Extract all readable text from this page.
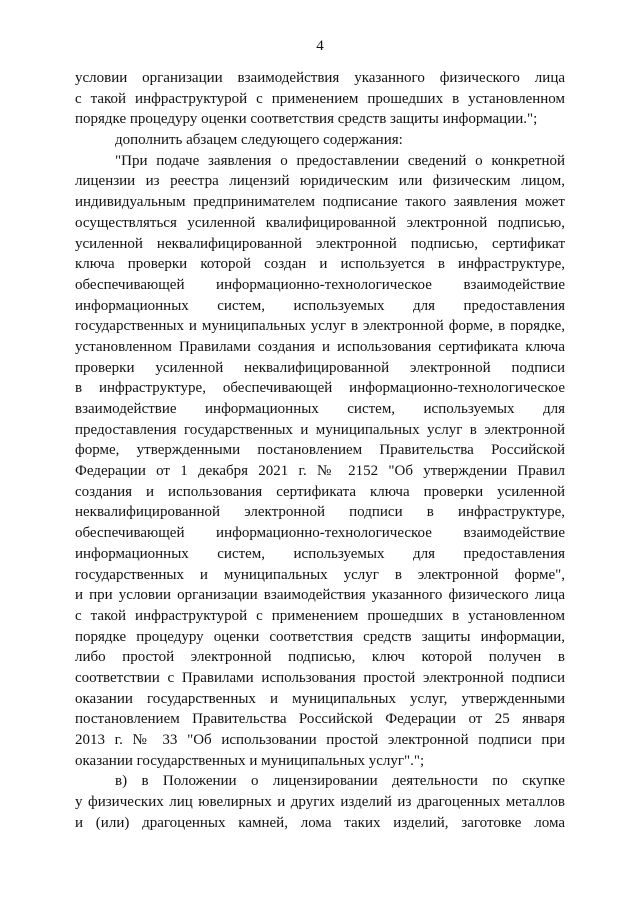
4
условии организации взаимодействия указанного физического лица
с такой инфраструктурой с применением прошедших в установленном
порядке процедуру оценки соответствия средств защиты информации.";
дополнить абзацем следующего содержания:
"При подаче заявления о предоставлении сведений о конкретной
лицензии из реестра лицензий юридическим или физическим лицом,
индивидуальным предпринимателем подписание такого заявления может
осуществляться усиленной квалифицированной электронной подписью,
усиленной неквалифицированной электронной подписью, сертификат
ключа проверки которой создан и используется в инфраструктуре,
обеспечивающей информационно-технологическое взаимодействие
информационных систем, используемых для предоставления
государственных и муниципальных услуг в электронной форме, в порядке,
установленном Правилами создания и использования сертификата ключа
проверки усиленной неквалифицированной электронной подписи
в инфраструктуре, обеспечивающей информационно-технологическое
взаимодействие информационных систем, используемых для
предоставления государственных и муниципальных услуг в электронной
форме, утвержденными постановлением Правительства Российской
Федерации от 1 декабря 2021 г. № 2152 "Об утверждении Правил
создания и использования сертификата ключа проверки усиленной
неквалифицированной электронной подписи в инфраструктуре,
обеспечивающей информационно-технологическое взаимодействие
информационных систем, используемых для предоставления
государственных и муниципальных услуг в электронной форме",
и при условии организации взаимодействия указанного физического лица
с такой инфраструктурой с применением прошедших в установленном
порядке процедуру оценки соответствия средств защиты информации,
либо простой электронной подписью, ключ которой получен в
соответствии с Правилами использования простой электронной подписи
оказании государственных и муниципальных услуг, утвержденными
постановлением Правительства Российской Федерации от 25 января
2013 г. № 33 "Об использовании простой электронной подписи при
оказании государственных и муниципальных услуг".";
в) в Положении о лицензировании деятельности по скупке
у физических лиц ювелирных и других изделий из драгоценных металлов
и (или) драгоценных камней, лома таких изделий, заготовке лома
